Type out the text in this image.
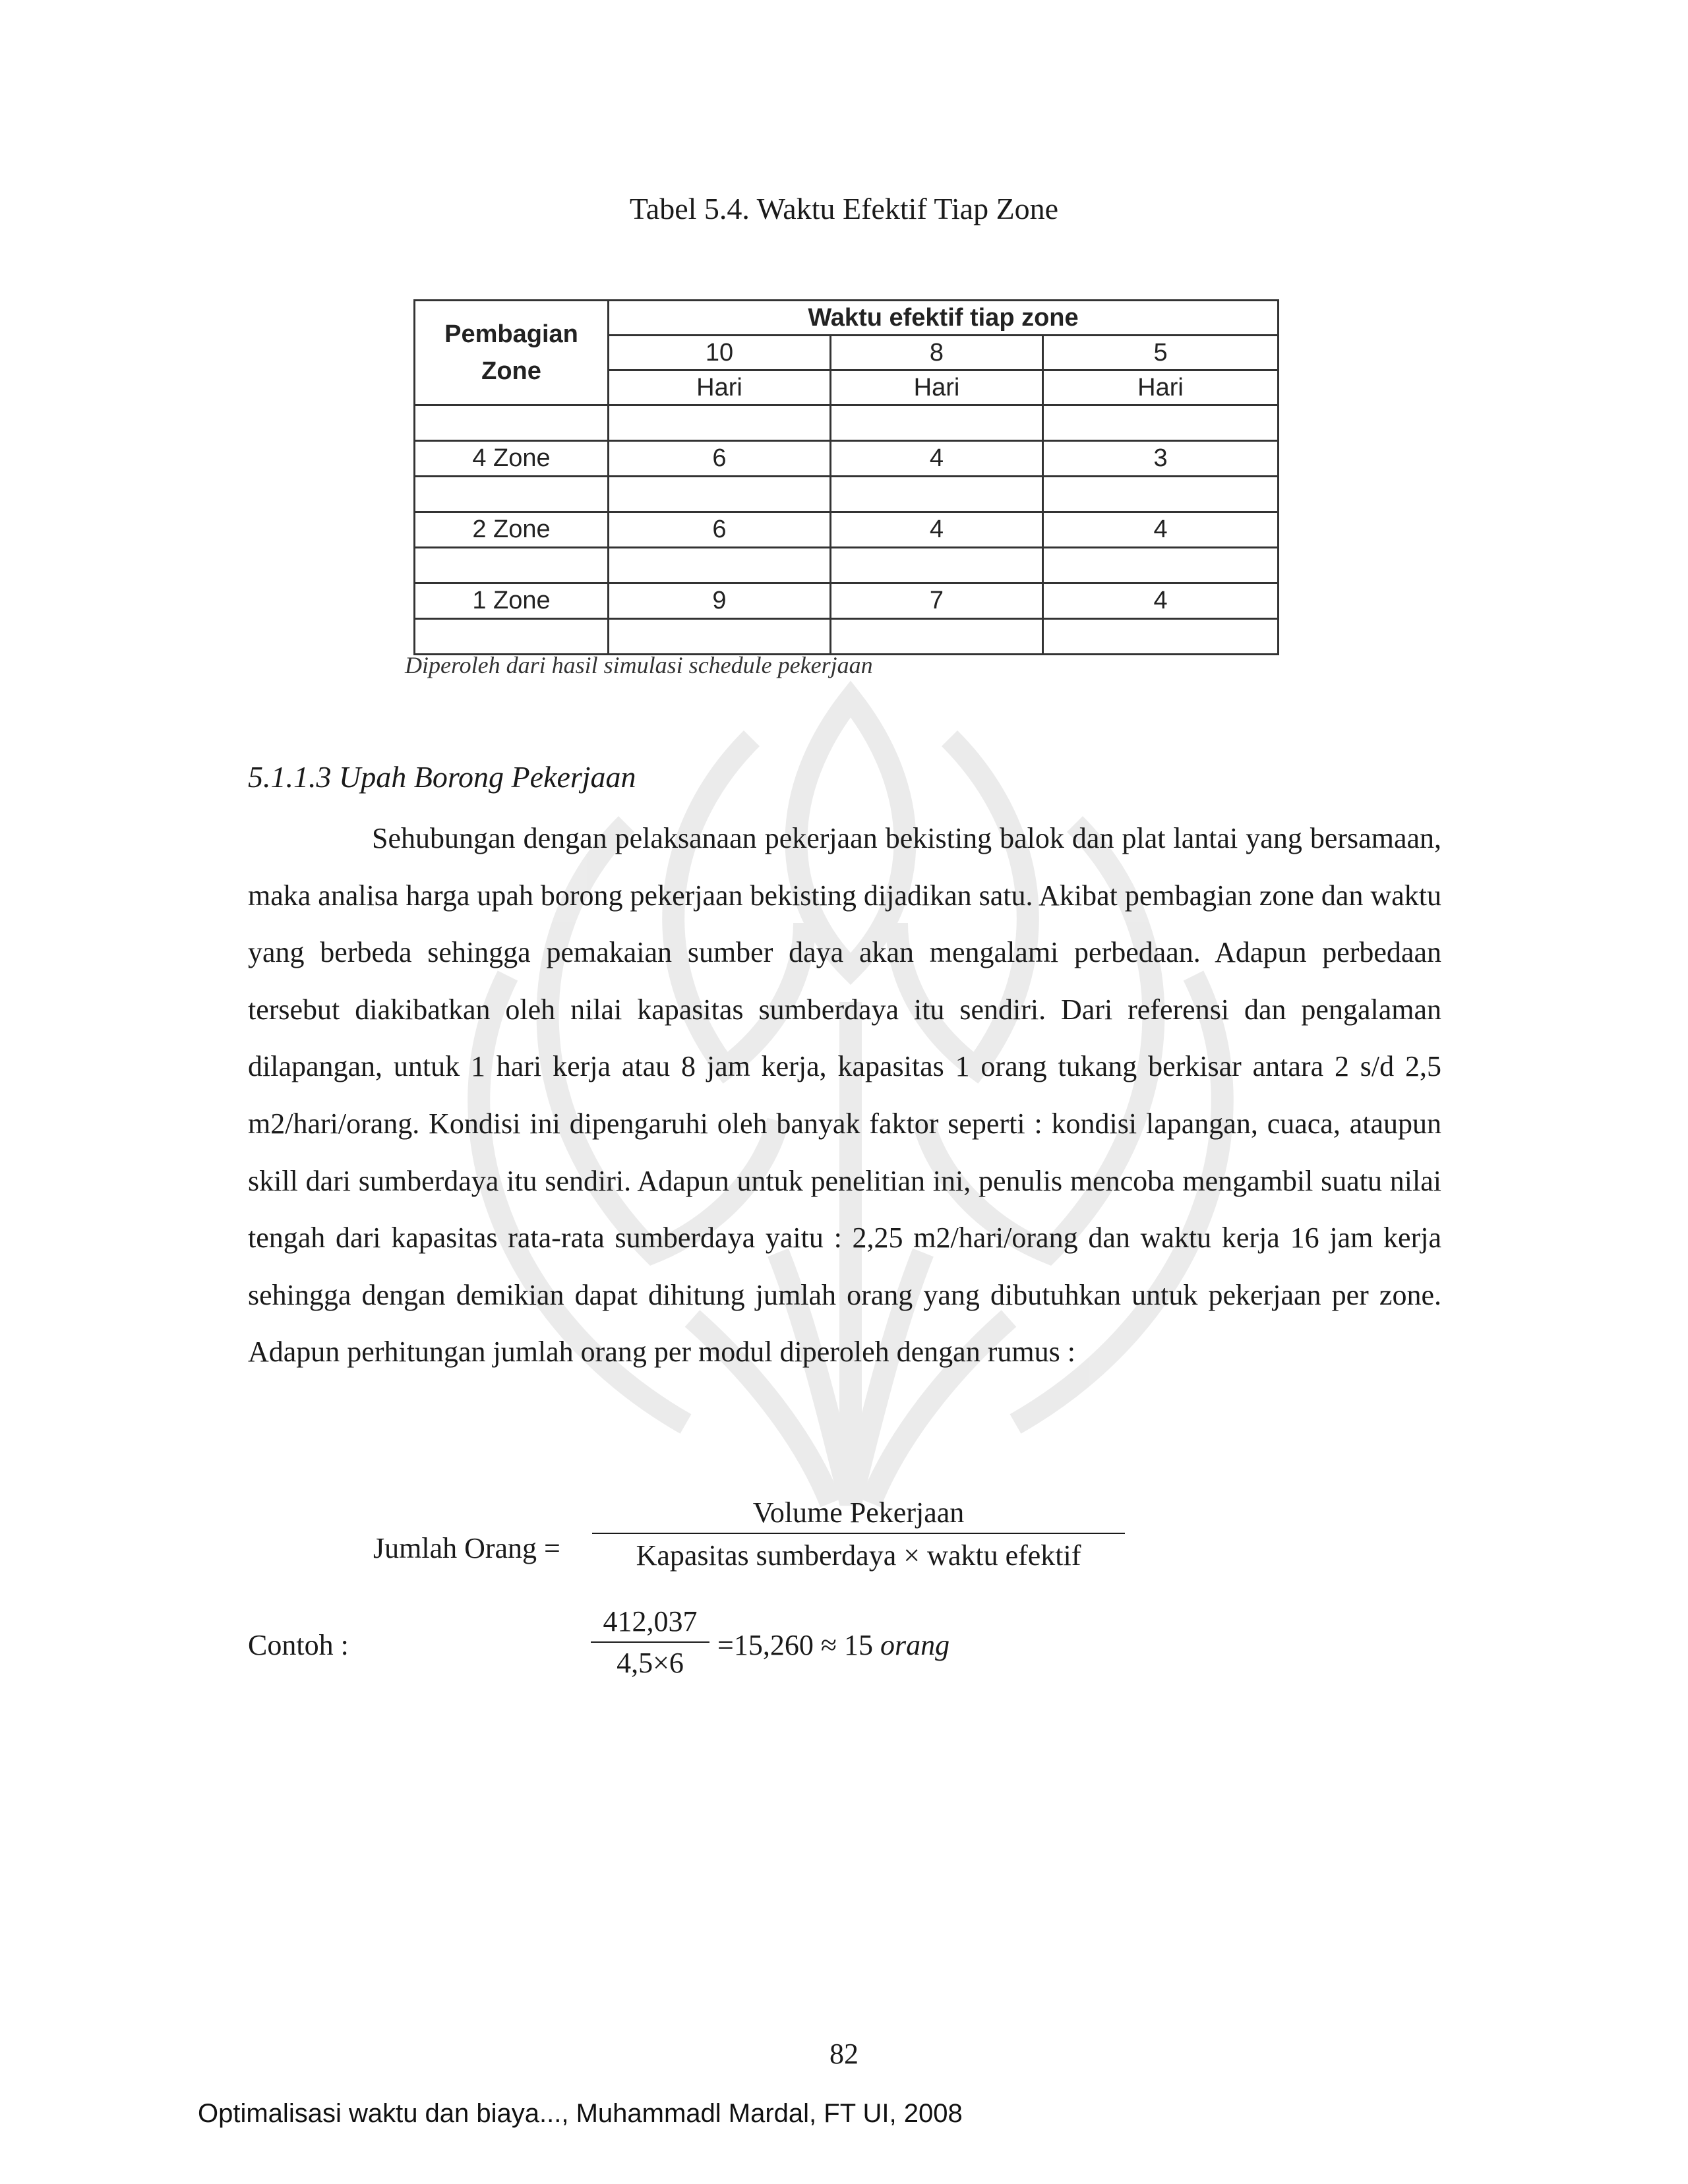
Tabel 5.4. Waktu Efektif Tiap Zone
Pembagian Zone	Waktu efektif tiap zone		
	10	8	5
	Hari	Hari	Hari

4 Zone	6	4	3

2 Zone	6	4	4

1 Zone	9	7	4

Diperoleh dari hasil simulasi schedule pekerjaan
5.1.1.3 Upah Borong Pekerjaan

Sehubungan dengan pelaksanaan pekerjaan bekisting balok dan plat lantai yang bersamaan, maka analisa harga upah borong pekerjaan bekisting dijadikan satu. Akibat pembagian zone dan waktu yang berbeda sehingga pemakaian sumber daya akan mengalami perbedaan. Adapun perbedaan tersebut diakibatkan oleh nilai kapasitas sumberdaya itu sendiri. Dari referensi dan pengalaman dilapangan, untuk 1 hari kerja atau 8 jam kerja, kapasitas 1 orang tukang berkisar antara 2 s/d 2,5 m2/hari/orang. Kondisi ini dipengaruhi oleh banyak faktor seperti : kondisi lapangan, cuaca, ataupun skill dari sumberdaya itu sendiri. Adapun untuk penelitian ini, penulis mencoba mengambil suatu nilai tengah dari kapasitas rata-rata sumberdaya yaitu : 2,25 m2/hari/orang dan waktu kerja 16 jam kerja sehingga dengan demikian dapat dihitung jumlah orang yang dibutuhkan untuk pekerjaan per zone. Adapun perhitungan jumlah orang per modul diperoleh dengan rumus :

Jumlah Orang =
Volume Pekerjaan
Kapasitas sumberdaya × waktu efektif
Contoh :
412,037
4,5×6
=15,260 ≈ 15 orang
82
Optimalisasi waktu dan biaya..., Muhammadl Mardal, FT UI, 2008
